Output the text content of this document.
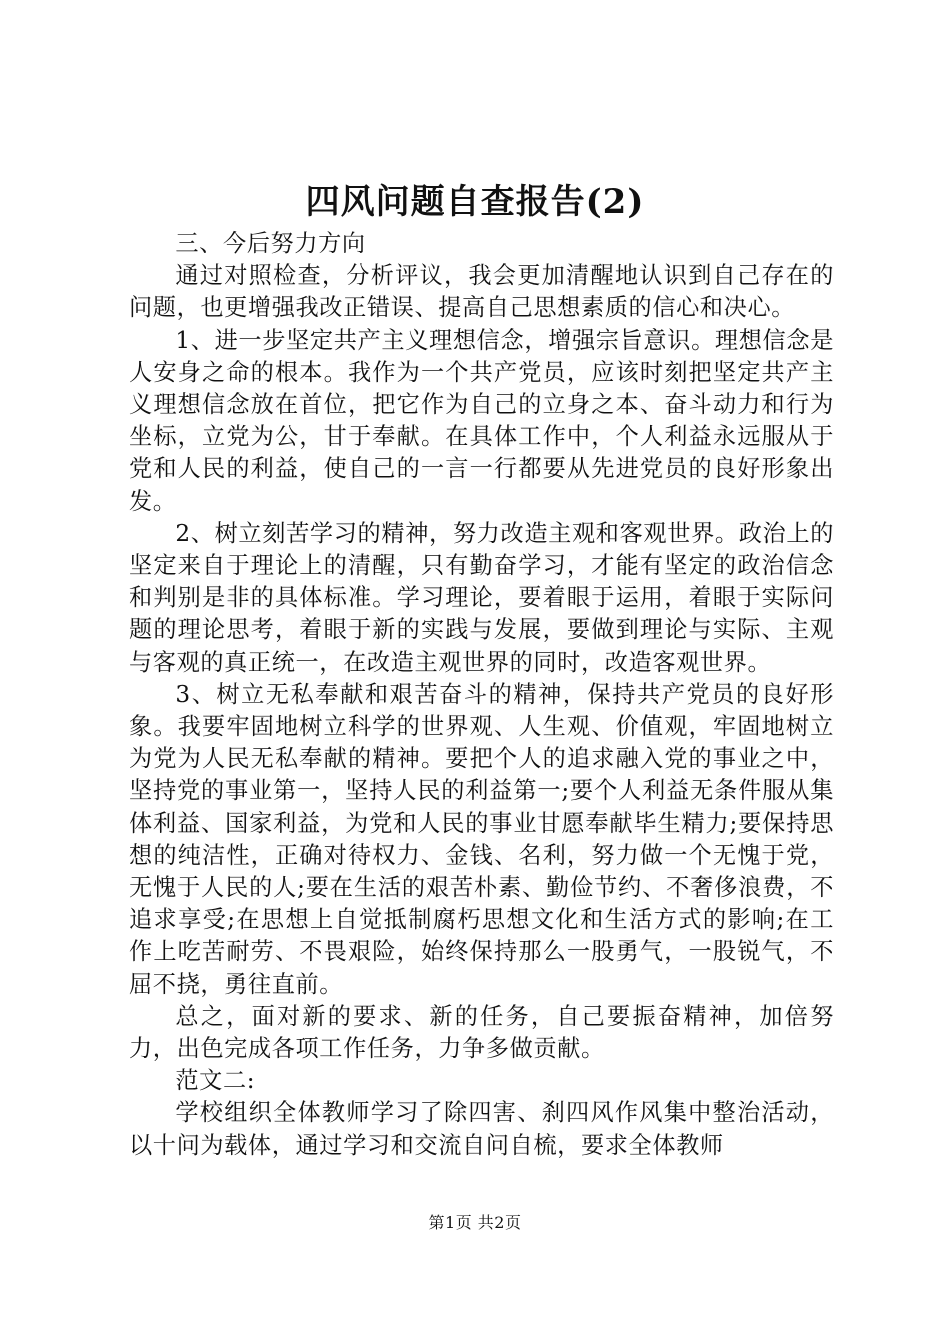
四风问题自查报告(2)

三、今后努力方向

通过对照检查，分析评议，我会更加清醒地认识到自己存在的问题，也更增强我改正错误、提高自己思想素质的信心和决心。

1、进一步坚定共产主义理想信念，增强宗旨意识。理想信念是人安身之命的根本。我作为一个共产党员，应该时刻把坚定共产主义理想信念放在首位，把它作为自己的立身之本、奋斗动力和行为坐标，立党为公，甘于奉献。在具体工作中，个人利益永远服从于党和人民的利益，使自己的一言一行都要从先进党员的良好形象出发。

2、树立刻苦学习的精神，努力改造主观和客观世界。政治上的坚定来自于理论上的清醒，只有勤奋学习，才能有坚定的政治信念和判别是非的具体标准。学习理论，要着眼于运用，着眼于实际问题的理论思考，着眼于新的实践与发展，要做到理论与实际、主观与客观的真正统一，在改造主观世界的同时，改造客观世界。

3、树立无私奉献和艰苦奋斗的精神，保持共产党员的良好形象。我要牢固地树立科学的世界观、人生观、价值观，牢固地树立为党为人民无私奉献的精神。要把个人的追求融入党的事业之中，坚持党的事业第一，坚持人民的利益第一;要个人利益无条件服从集体利益、国家利益，为党和人民的事业甘愿奉献毕生精力;要保持思想的纯洁性，正确对待权力、金钱、名利，努力做一个无愧于党，无愧于人民的人;要在生活的艰苦朴素、勤俭节约、不奢侈浪费，不追求享受;在思想上自觉抵制腐朽思想文化和生活方式的影响;在工作上吃苦耐劳、不畏艰险，始终保持那么一股勇气，一股锐气，不屈不挠，勇往直前。

总之，面对新的要求、新的任务，自己要振奋精神，加倍努力，出色完成各项工作任务，力争多做贡献。

范文二:

学校组织全体教师学习了除四害、刹四风作风集中整治活动，以十问为载体，通过学习和交流自问自梳，要求全体教师

第1页 共2页
